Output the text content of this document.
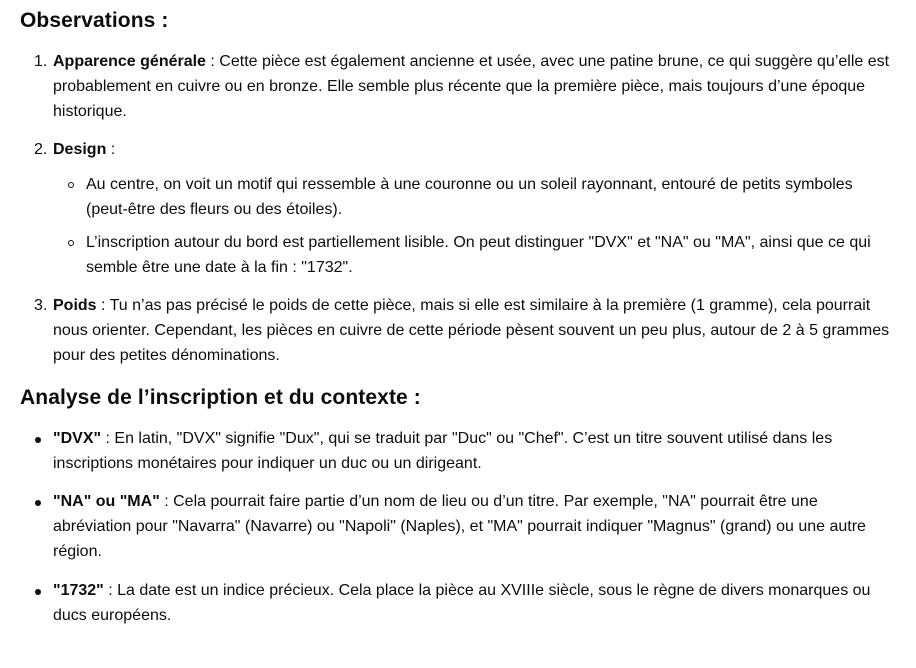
Observations :
1. Apparence générale : Cette pièce est également ancienne et usée, avec une patine brune, ce qui suggère qu’elle est probablement en cuivre ou en bronze. Elle semble plus récente que la première pièce, mais toujours d’une époque historique.
2. Design :
Au centre, on voit un motif qui ressemble à une couronne ou un soleil rayonnant, entouré de petits symboles (peut-être des fleurs ou des étoiles).
L’inscription autour du bord est partiellement lisible. On peut distinguer "DVX" et "NA" ou "MA", ainsi que ce qui semble être une date à la fin : "1732".
3. Poids : Tu n’as pas précisé le poids de cette pièce, mais si elle est similaire à la première (1 gramme), cela pourrait nous orienter. Cependant, les pièces en cuivre de cette période pèsent souvent un peu plus, autour de 2 à 5 grammes pour des petites dénominations.
Analyse de l’inscription et du contexte :
"DVX" : En latin, "DVX" signifie "Dux", qui se traduit par "Duc" ou "Chef". C’est un titre souvent utilisé dans les inscriptions monétaires pour indiquer un duc ou un dirigeant.
"NA" ou "MA" : Cela pourrait faire partie d’un nom de lieu ou d’un titre. Par exemple, "NA" pourrait être une abréviation pour "Navarra" (Navarre) ou "Napoli" (Naples), et "MA" pourrait indiquer "Magnus" (grand) ou une autre région.
"1732" : La date est un indice précieux. Cela place la pièce au XVIIIe siècle, sous le règne de divers monarques ou ducs européens.
